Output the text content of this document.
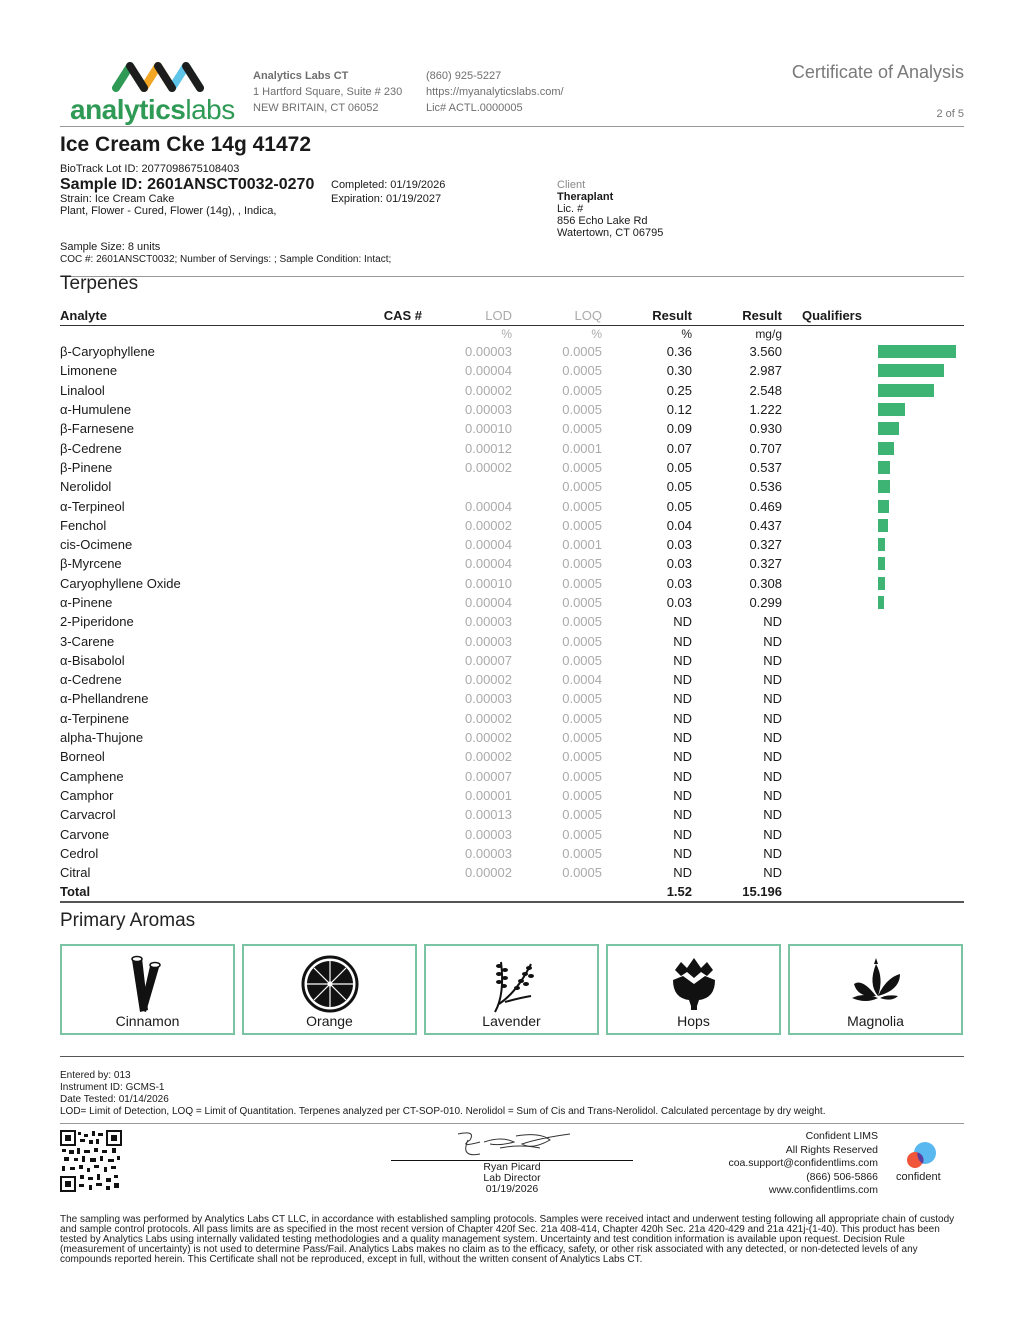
analyticslabs
Analytics Labs CT
1 Hartford Square, Suite # 230
NEW BRITAIN, CT 06052
(860) 925-5227
https://myanalyticslabs.com/
Lic# ACTL.0000005
Certificate of Analysis
2 of 5
Ice Cream Cke 14g 41472
BioTrack Lot ID: 2077098675108403
Sample ID: 2601ANSCT0032-0270
Strain: Ice Cream Cake
Plant, Flower - Cured, Flower (14g), , Indica,
Completed: 01/19/2026
Expiration: 01/19/2027
Sample Size: 8 units
COC #: 2601ANSCT0032; Number of Servings: ; Sample Condition: Intact;
Client
Theraplant
Lic. #
856 Echo Lake Rd
Watertown, CT 06795
Terpenes
Analyte	CAS #	LOD	LOQ	Result	Result		Qualifiers
		%	%	%	mg/g		
β-Caryophyllene		0.00003	0.0005	0.36	3.560		

Limonene		0.00004	0.0005	0.30	2.987		

Linalool		0.00002	0.0005	0.25	2.548		

α-Humulene		0.00003	0.0005	0.12	1.222		

β-Farnesene		0.00010	0.0005	0.09	0.930		

β-Cedrene		0.00012	0.0001	0.07	0.707		

β-Pinene		0.00002	0.0005	0.05	0.537		

Nerolidol			0.0005	0.05	0.536		

α-Terpineol		0.00004	0.0005	0.05	0.469		

Fenchol		0.00002	0.0005	0.04	0.437		

cis-Ocimene		0.00004	0.0001	0.03	0.327		

β-Myrcene		0.00004	0.0005	0.03	0.327		

Caryophyllene Oxide		0.00010	0.0005	0.03	0.308		

α-Pinene		0.00004	0.0005	0.03	0.299		

2-Piperidone		0.00003	0.0005	ND	ND		
3-Carene		0.00003	0.0005	ND	ND		
α-Bisabolol		0.00007	0.0005	ND	ND		
α-Cedrene		0.00002	0.0004	ND	ND		
α-Phellandrene		0.00003	0.0005	ND	ND		
α-Terpinene		0.00002	0.0005	ND	ND		
alpha-Thujone		0.00002	0.0005	ND	ND		
Borneol		0.00002	0.0005	ND	ND		
Camphene		0.00007	0.0005	ND	ND		
Camphor		0.00001	0.0005	ND	ND		
Carvacrol		0.00013	0.0005	ND	ND		
Carvone		0.00003	0.0005	ND	ND		
Cedrol		0.00003	0.0005	ND	ND		
Citral		0.00002	0.0005	ND	ND		
Total				1.52	15.196		
Primary Aromas
Cinnamon	Orange	Lavender	Hops	Magnolia
Entered by: 013
Instrument ID: GCMS-1
Date Tested: 01/14/2026
LOD= Limit of Detection, LOQ = Limit of Quantitation. Terpenes analyzed per CT-SOP-010. Nerolidol = Sum of Cis and Trans-Nerolidol. Calculated percentage by dry weight.
Ryan Picard
Lab Director
01/19/2026
Confident LIMS
All Rights Reserved
coa.support@confidentlims.com
(866) 506-5866
www.confidentlims.com
confident
The sampling was performed by Analytics Labs CT LLC, in accordance with established sampling protocols. Samples were received intact and underwent testing following all appropriate chain of custody and sample control protocols. All pass limits are as specified in the most recent version of Chapter 420f Sec. 21a 408-414, Chapter 420h Sec. 21a 420-429 and 21a 421j-(1-40). This product has been tested by Analytics Labs using internally validated testing methodologies and a quality management system. Uncertainty and test condition information is available upon request. Decision Rule (measurement of uncertainty) is not used to determine Pass/Fail. Analytics Labs makes no claim as to the efficacy, safety, or other risk associated with any detected, or non-detected levels of any compounds reported herein. This Certificate shall not be reproduced, except in full, without the written consent of Analytics Labs CT.
